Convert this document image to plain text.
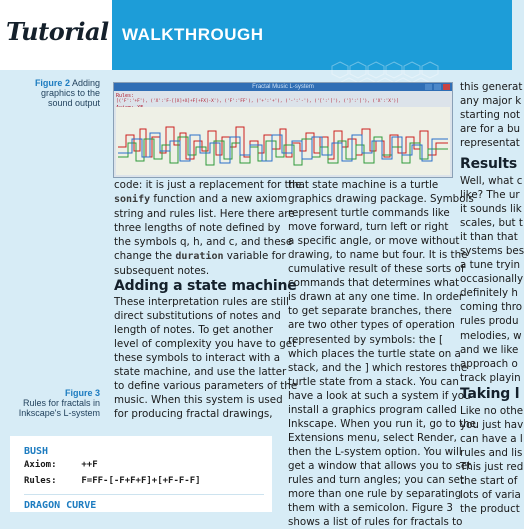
Tutorial WALKTHROUGH
Figure 2 Adding
graphics to the
sound output
Fractal Music L-system
Rules:
[('F':'+F'), ('X':'F-[[X]+X]+F[+FX]-X'), ('F':'FF'), ('+':'+'), ('-':'-'), ('[':'['), (']':']'), ('X':'X')]
Axiom: XF
code: it is just a replacement for the
sonify function and a new axiom
string and rules list. Here there are
three lengths of note defined by
the symbols q, h, and c, and these
change the duration variable for
subsequent notes.
Adding a state machine
These interpretation rules are still
direct substitutions of notes and
length of notes. To get another
level of complexity you have to get
these symbols to interact with a
state machine, and use the latter
to define various parameters of the
music. When this system is used
for producing fractal drawings,
Figure 3
Rules for fractals in
Inkscape's L-system
that state machine is a turtle
graphics drawing package. Symbols
represent turtle commands like
move forward, turn left or right
a specific angle, or move without
drawing, to name but four. It is the
cumulative result of these sorts of
commands that determines what
is drawn at any one time. In order
to get separate branches, there
are two other types of operation
represented by symbols: the [
which places the turtle state on a
stack, and the ] which restores the
turtle state from a stack. You can
have a look at such a system if you
install a graphics program called
Inkscape. When you run it, go to the
Extensions menu, select Render,
then the L-system option. You will
get a window that allows you to set
rules and turn angles; you can set
more than one rule by separating
them with a semicolon. Figure 3
shows a list of rules for fractals to
this generat
any major k
starting not
are for a bu
representat
Results
Well, what c
like? The ur
it sounds lik
scales, but t
it than that
systems bes
a tune tryin
occasionally
definitely h
coming thro
rules produ
melodies, w
and we like
approach o
track playin
Taking l
Like no othe
you just hav
can have a l
rules and lis
This just red
the start of
lots of varia
the product
BUSH
Axiom:	++F
Rules:	F=FF-[-F+F+F]+[+F-F-F]
DRAGON CURVE
